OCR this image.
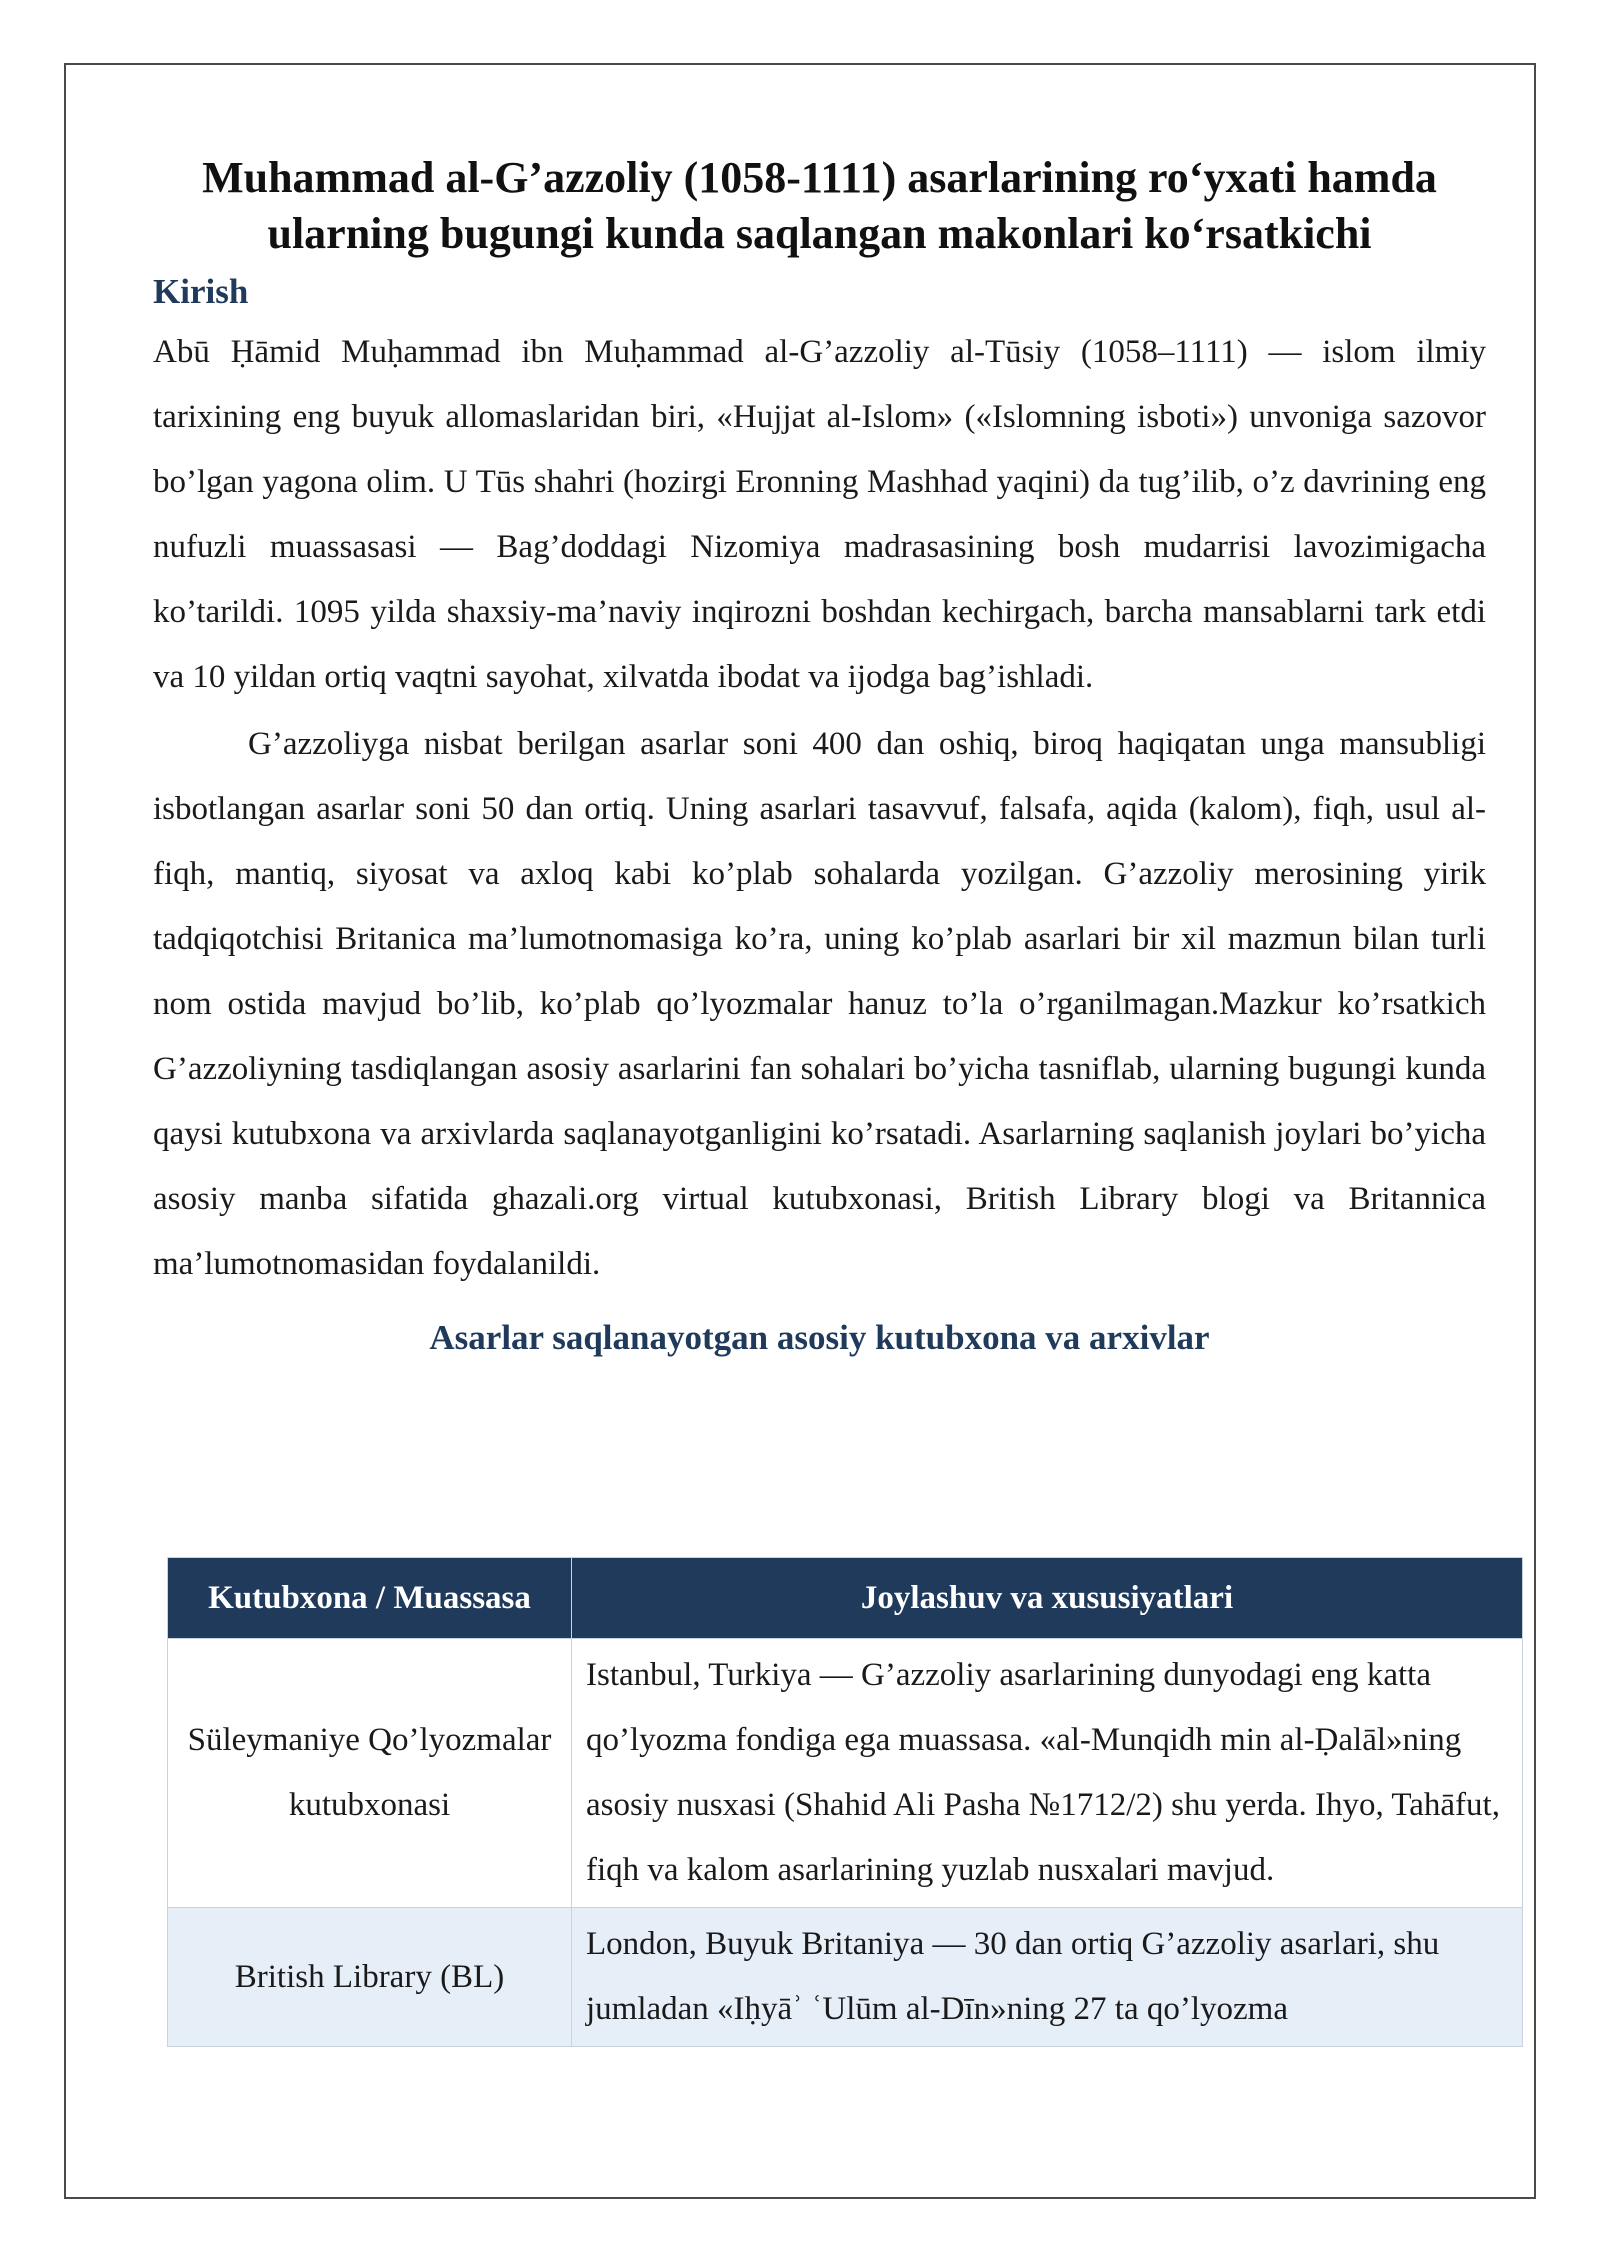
Muhammad al-G’azzoliy (1058-1111) asarlarining ro‘yxati hamda ularning bugungi kunda saqlangan makonlari ko‘rsatkichi
Kirish

Abū Ḥāmid Muḥammad ibn Muḥammad al-G’azzoliy al-Tūsiy (1058–1111) — islom ilmiy tarixining eng buyuk allomaslaridan biri, «Hujjat al-Islom» («Islomning isboti») unvoniga sazovor bo’lgan yagona olim. U Tūs shahri (hozirgi Eronning Mashhad yaqini) da tug’ilib, o’z davrining eng nufuzli muassasasi — Bag’doddagi Nizomiya madrasasining bosh mudarrisi lavozimigacha ko’tarildi. 1095 yilda shaxsiy-ma’naviy inqirozni boshdan kechirgach, barcha mansablarni tark etdi va 10 yildan ortiq vaqtni sayohat, xilvatda ibodat va ijodga bag’ishladi.

G’azzoliyga nisbat berilgan asarlar soni 400 dan oshiq, biroq haqiqatan unga mansubligi isbotlangan asarlar soni 50 dan ortiq. Uning asarlari tasavvuf, falsafa, aqida (kalom), fiqh, usul al-fiqh, mantiq, siyosat va axloq kabi ko’plab sohalarda yozilgan. G’azzoliy merosining yirik tadqiqotchisi Britanica ma’lumotnomasiga ko’ra, uning ko’plab asarlari bir xil mazmun bilan turli nom ostida mavjud bo’lib, ko’plab qo’lyozmalar hanuz to’la o’rganilmagan.Mazkur ko’rsatkich G’azzoliyning tasdiqlangan asosiy asarlarini fan sohalari bo’yicha tasniflab, ularning bugungi kunda qaysi kutubxona va arxivlarda saqlanayotganligini ko’rsatadi. Asarlarning saqlanish joylari bo’yicha asosiy manba sifatida ghazali.org virtual kutubxonasi, British Library blogi va Britannica ma’lumotnomasidan foydalanildi.

Asarlar saqlanayotgan asosiy kutubxona va arxivlar
Kutubxona / Muassasa	Joylashuv va xususiyatlari
Süleymaniye Qo’lyozmalar kutubxonasi	Istanbul, Turkiya — G’azzoliy asarlarining dunyodagi eng katta qo’lyozma fondiga ega muassasa. «al-Munqidh min al-Ḍalāl»ning asosiy nusxasi (Shahid Ali Pasha №1712/2) shu yerda. Ihyo, Tahāfut, fiqh va kalom asarlarining yuzlab nusxalari mavjud.
British Library (BL)	London, Buyuk Britaniya — 30 dan ortiq G’azzoliy asarlari, shu jumladan «Iḥyāʾ ʿUlūm al-Dīn»ning 27 ta qo’lyozma
